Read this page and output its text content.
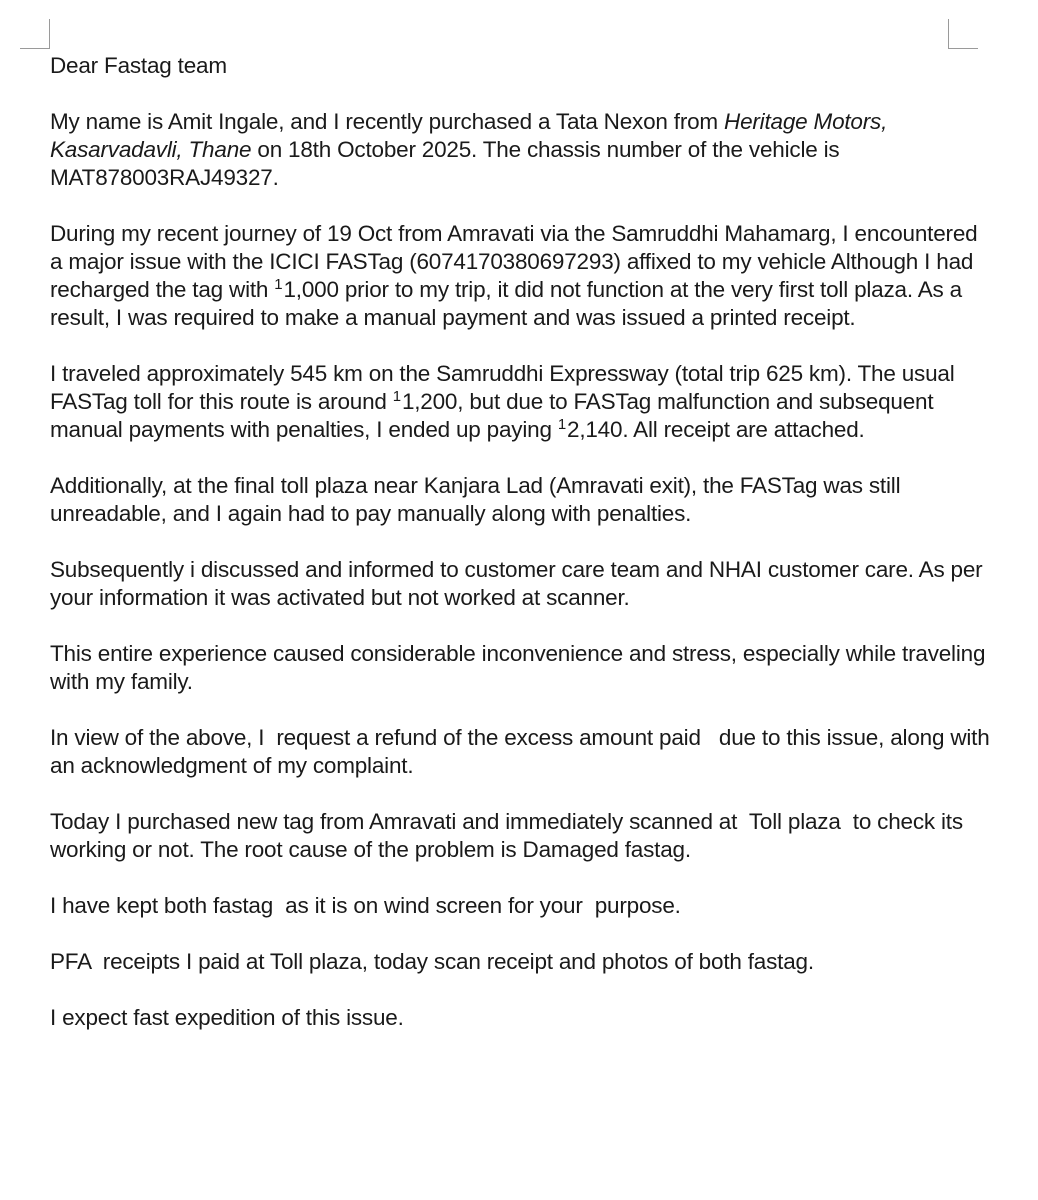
Dear Fastag team

My name is Amit Ingale, and I recently purchased a Tata Nexon from Heritage Motors, Kasarvadavli, Thane on 18th October 2025. The chassis number of the vehicle is MAT878003RAJ49327.

During my recent journey of 19 Oct from Amravati via the Samruddhi Mahamarg, I encountered a major issue with the ICICI FASTag (6074170380697293) affixed to my vehicle Although I had recharged the tag with $^1$1,000 prior to my trip, it did not function at the very first toll plaza. As a result, I was required to make a manual payment and was issued a printed receipt.

I traveled approximately 545 km on the Samruddhi Expressway (total trip 625 km). The usual FASTag toll for this route is around $^1$1,200, but due to FASTag malfunction and subsequent manual payments with penalties, I ended up paying $^1$2,140. All receipt are attached.

Additionally, at the final toll plaza near Kanjara Lad (Amravati exit), the FASTag was still unreadable, and I again had to pay manually along with penalties.

Subsequently i discussed and informed to customer care team and NHAI customer care. As per your information it was activated but not worked at scanner.

This entire experience caused considerable inconvenience and stress, especially while traveling with my family.

In view of the above, I  request a refund of the excess amount paid   due to this issue, along with an acknowledgment of my complaint.

Today I purchased new tag from Amravati and immediately scanned at  Toll plaza  to check its working or not. The root cause of the problem is Damaged fastag.

I have kept both fastag  as it is on wind screen for your  purpose.

PFA  receipts I paid at Toll plaza, today scan receipt and photos of both fastag.

I expect fast expedition of this issue.
